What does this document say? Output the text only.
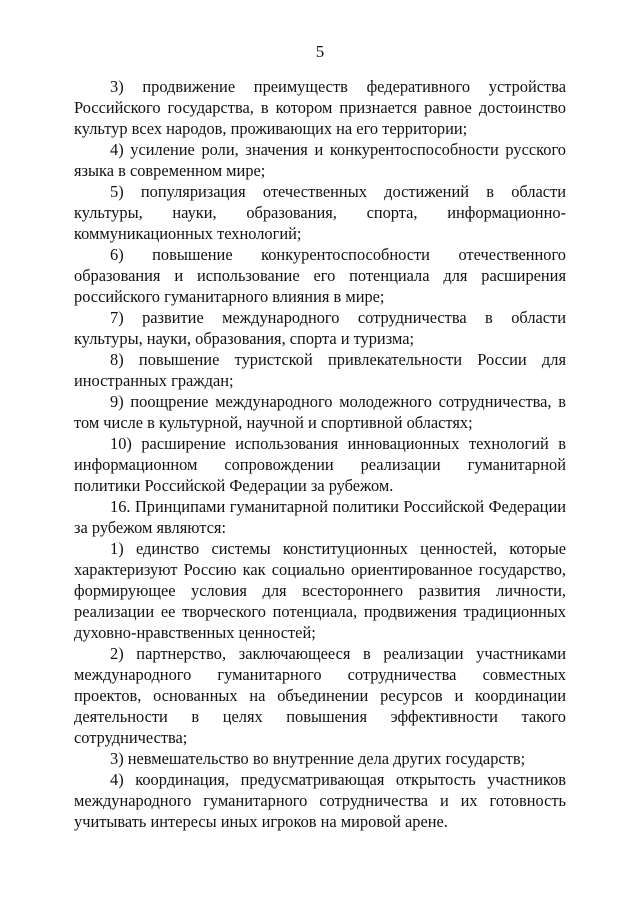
5

3) продвижение преимуществ федеративного устройства Российского государства, в котором признается равное достоинство культур всех народов, проживающих на его территории;

4) усиление роли, значения и конкурентоспособности русского языка в современном мире;

5) популяризация отечественных достижений в области культуры, науки, образования, спорта, информационно-коммуникационных технологий;

6) повышение конкурентоспособности отечественного образования и использование его потенциала для расширения российского гуманитарного влияния в мире;

7) развитие международного сотрудничества в области культуры, науки, образования, спорта и туризма;

8) повышение туристской привлекательности России для иностранных граждан;

9) поощрение международного молодежного сотрудничества, в том числе в культурной, научной и спортивной областях;

10) расширение использования инновационных технологий в информационном сопровождении реализации гуманитарной политики Российской Федерации за рубежом.

16. Принципами гуманитарной политики Российской Федерации за рубежом являются:

1) единство системы конституционных ценностей, которые характеризуют Россию как социально ориентированное государство, формирующее условия для всестороннего развития личности, реализации ее творческого потенциала, продвижения традиционных духовно-нравственных ценностей;

2) партнерство, заключающееся в реализации участниками международного гуманитарного сотрудничества совместных проектов, основанных на объединении ресурсов и координации деятельности в целях повышения эффективности такого сотрудничества;

3) невмешательство во внутренние дела других государств;

4) координация, предусматривающая открытость участников международного гуманитарного сотрудничества и их готовность учитывать интересы иных игроков на мировой арене.
